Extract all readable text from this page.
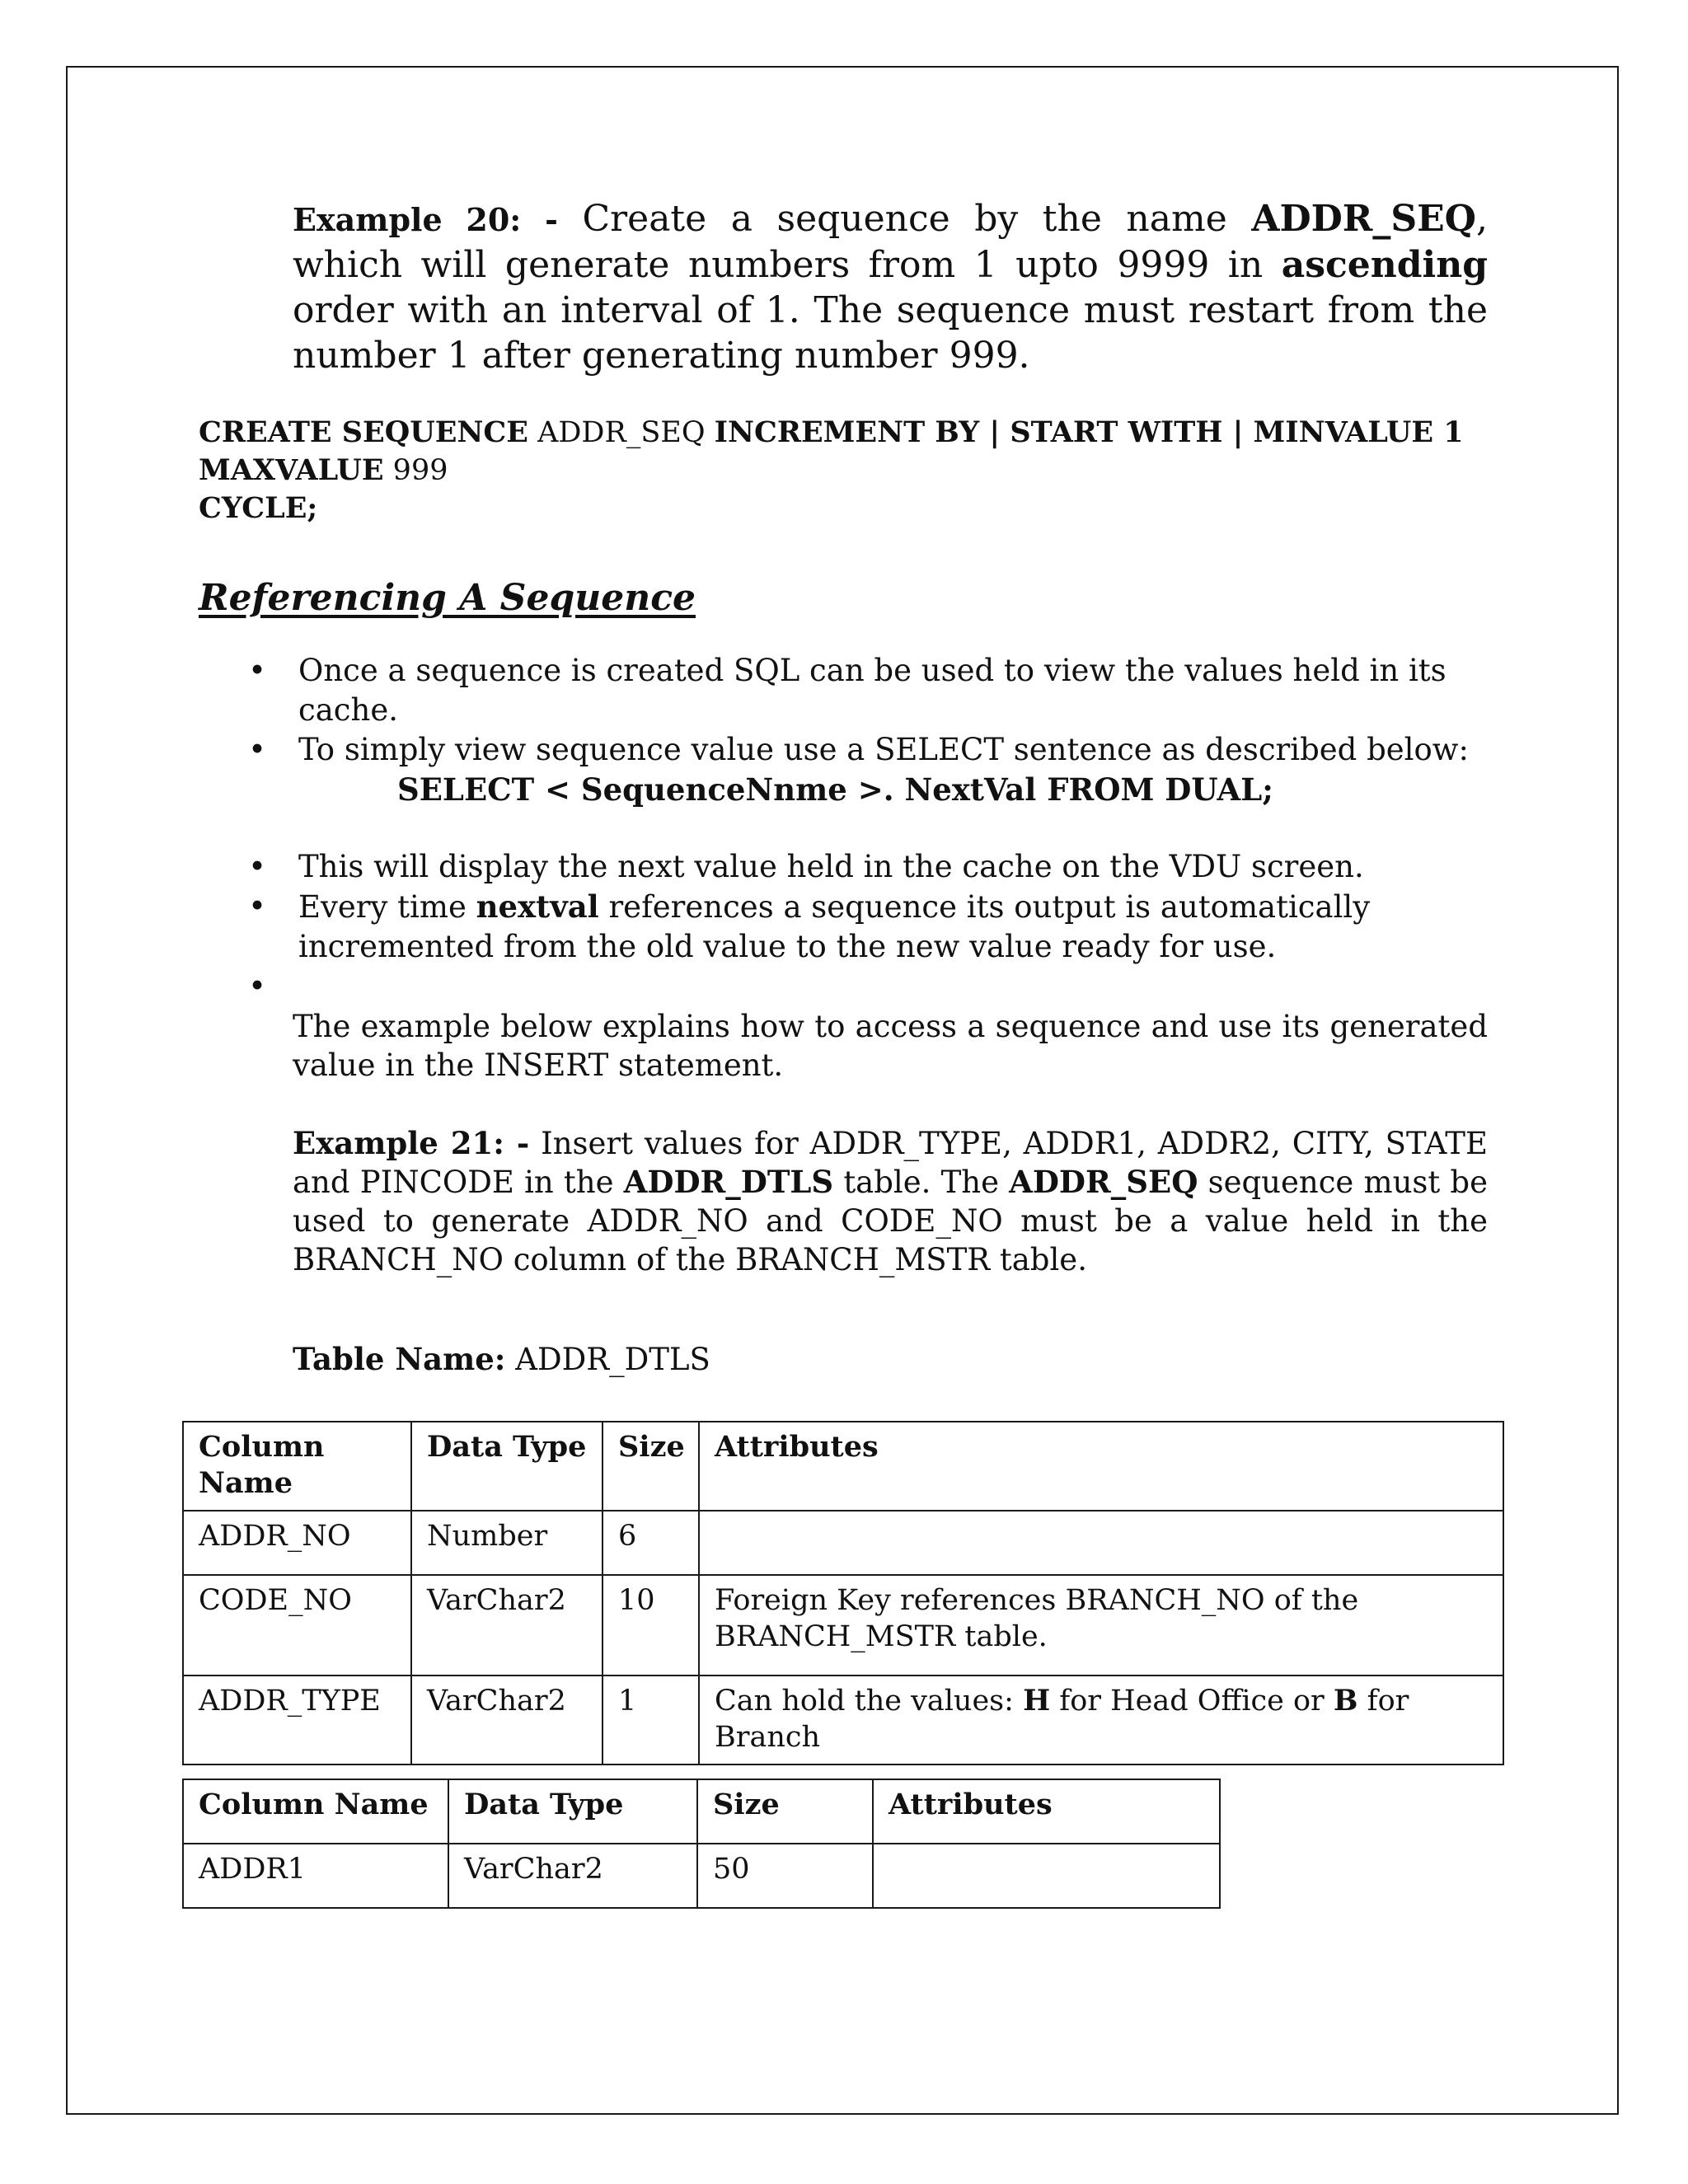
Example 20: - Create a sequence by the name ADDR_SEQ, which will generate numbers from 1 upto 9999 in ascending order with an interval of 1. The sequence must restart from the number 1 after generating number 999.
CREATE SEQUENCE ADDR_SEQ INCREMENT BY | START WITH | MINVALUE 1 MAXVALUE 999
CYCLE;
Referencing A Sequence
• Once a sequence is created SQL can be used to view the values held in its cache.
• To simply view sequence value use a SELECT sentence as described below:
SELECT < SequenceNnme >. NextVal FROM DUAL;
• This will display the next value held in the cache on the VDU screen.
• Every time nextval references a sequence its output is automatically incremented from the old value to the new value ready for use.
•

The example below explains how to access a sequence and use its generated value in the INSERT statement.
Example 21: - Insert values for ADDR_TYPE, ADDR1, ADDR2, CITY, STATE and PINCODE in the ADDR_DTLS table. The ADDR_SEQ sequence must be used to generate ADDR_NO and CODE_NO must be a value held in the BRANCH_NO column of the BRANCH_MSTR table.
Table Name: ADDR_DTLS
Column Name	Data Type	Size	Attributes
ADDR_NO	Number	6	
CODE_NO	VarChar2	10	Foreign Key references BRANCH_NO of the BRANCH_MSTR table.
ADDR_TYPE	VarChar2	1	Can hold the values: H for Head Office or B for Branch
Column Name	Data Type	Size	Attributes
ADDR1	VarChar2	50	
